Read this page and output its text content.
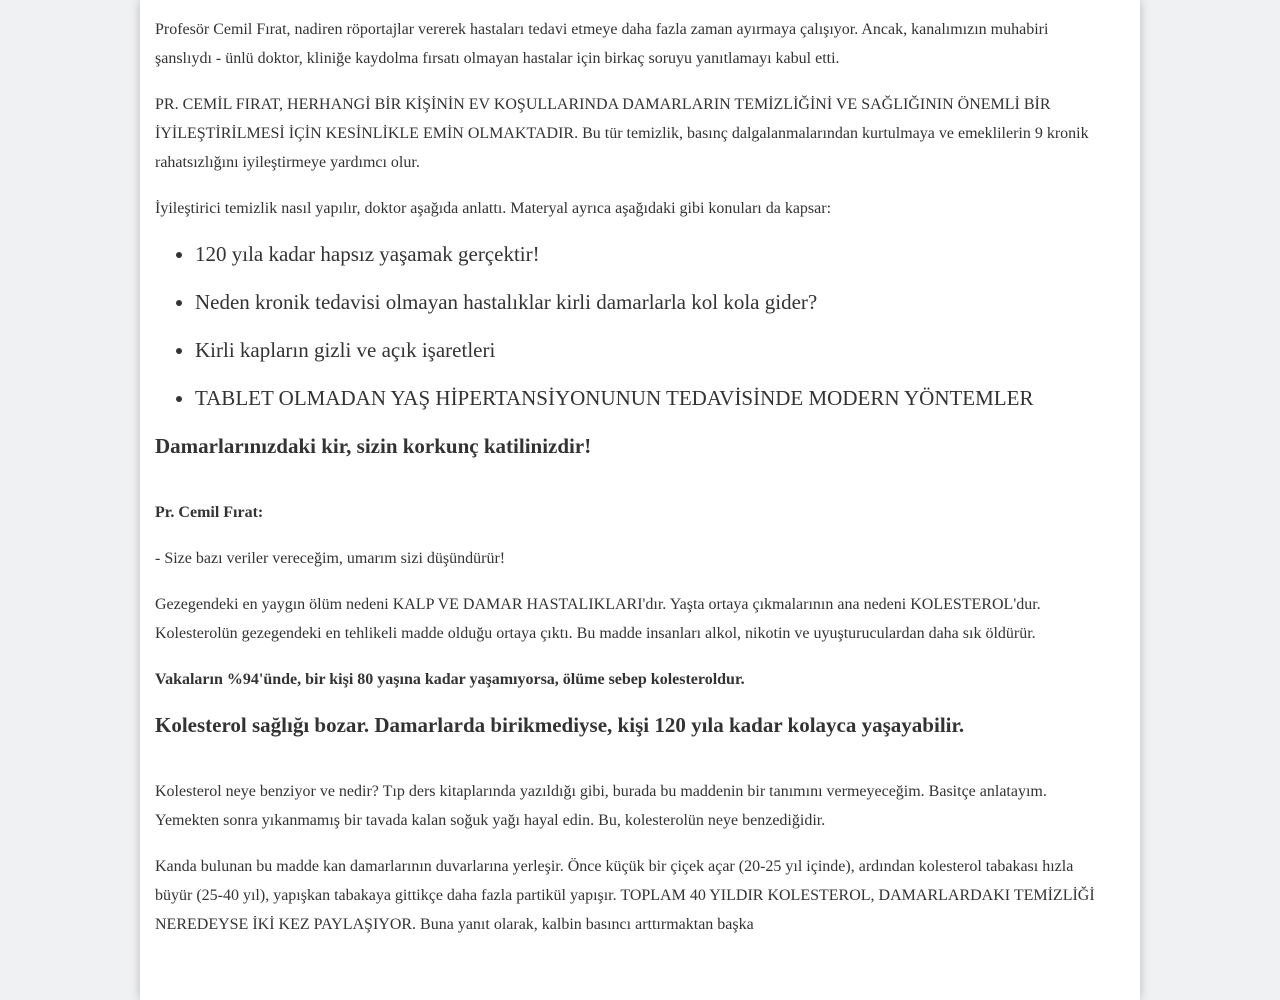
Profesör Cemil Fırat, nadiren röportajlar vererek hastaları tedavi etmeye daha fazla zaman ayırmaya çalışıyor. Ancak, kanalımızın muhabiri şanslıydı - ünlü doktor, kliniğe kaydolma fırsatı olmayan hastalar için birkaç soruyu yanıtlamayı kabul etti.

PR. CEMİL FIRAT, HERHANGİ BİR KİŞİNİN EV KOŞULLARINDA DAMARLARIN TEMİZLİĞİNİ VE SAĞLIĞININ ÖNEMLİ BİR İYİLEŞTİRİLMESİ İÇİN KESİNLİKLE EMİN OLMAKTADIR. Bu tür temizlik, basınç dalgalanmalarından kurtulmaya ve emeklilerin 9 kronik rahatsızlığını iyileştirmeye yardımcı olur.

İyileştirici temizlik nasıl yapılır, doktor aşağıda anlattı. Materyal ayrıca aşağıdaki gibi konuları da kapsar:

• 120 yıla kadar hapsız yaşamak gerçektir!
• Neden kronik tedavisi olmayan hastalıklar kirli damarlarla kol kola gider?
• Kirli kapların gizli ve açık işaretleri
• TABLET OLMADAN YAŞ HİPERTANSİYONUNUN TEDAVİSİNDE MODERN YÖNTEMLER
Damarlarınızdaki kir, sizin korkunç katilinizdir!

Pr. Cemil Fırat:

- Size bazı veriler vereceğim, umarım sizi düşündürür!

Gezegendeki en yaygın ölüm nedeni KALP VE DAMAR HASTALIKLARI'dır. Yaşta ortaya çıkmalarının ana nedeni KOLESTEROL'dur. Kolesterolün gezegendeki en tehlikeli madde olduğu ortaya çıktı. Bu madde insanları alkol, nikotin ve uyuşturuculardan daha sık öldürür.

Vakaların %94'ünde, bir kişi 80 yaşına kadar yaşamıyorsa, ölüme sebep kolesteroldur.

Kolesterol sağlığı bozar. Damarlarda birikmediyse, kişi 120 yıla kadar kolayca yaşayabilir.

Kolesterol neye benziyor ve nedir? Tıp ders kitaplarında yazıldığı gibi, burada bu maddenin bir tanımını vermeyeceğim. Basitçe anlatayım. Yemekten sonra yıkanmamış bir tavada kalan soğuk yağı hayal edin. Bu, kolesterolün neye benzediğidir.

Kanda bulunan bu madde kan damarlarının duvarlarına yerleşir. Önce küçük bir çiçek açar (20-25 yıl içinde), ardından kolesterol tabakası hızla büyür (25-40 yıl), yapışkan tabakaya gittikçe daha fazla partikül yapışır. TOPLAM 40 YILDIR KOLESTEROL, DAMARLARDAKI TEMİZLİĞİ NEREDEYSE İKİ KEZ PAYLAŞIYOR. Buna yanıt olarak, kalbin basıncı arttırmaktan başka
